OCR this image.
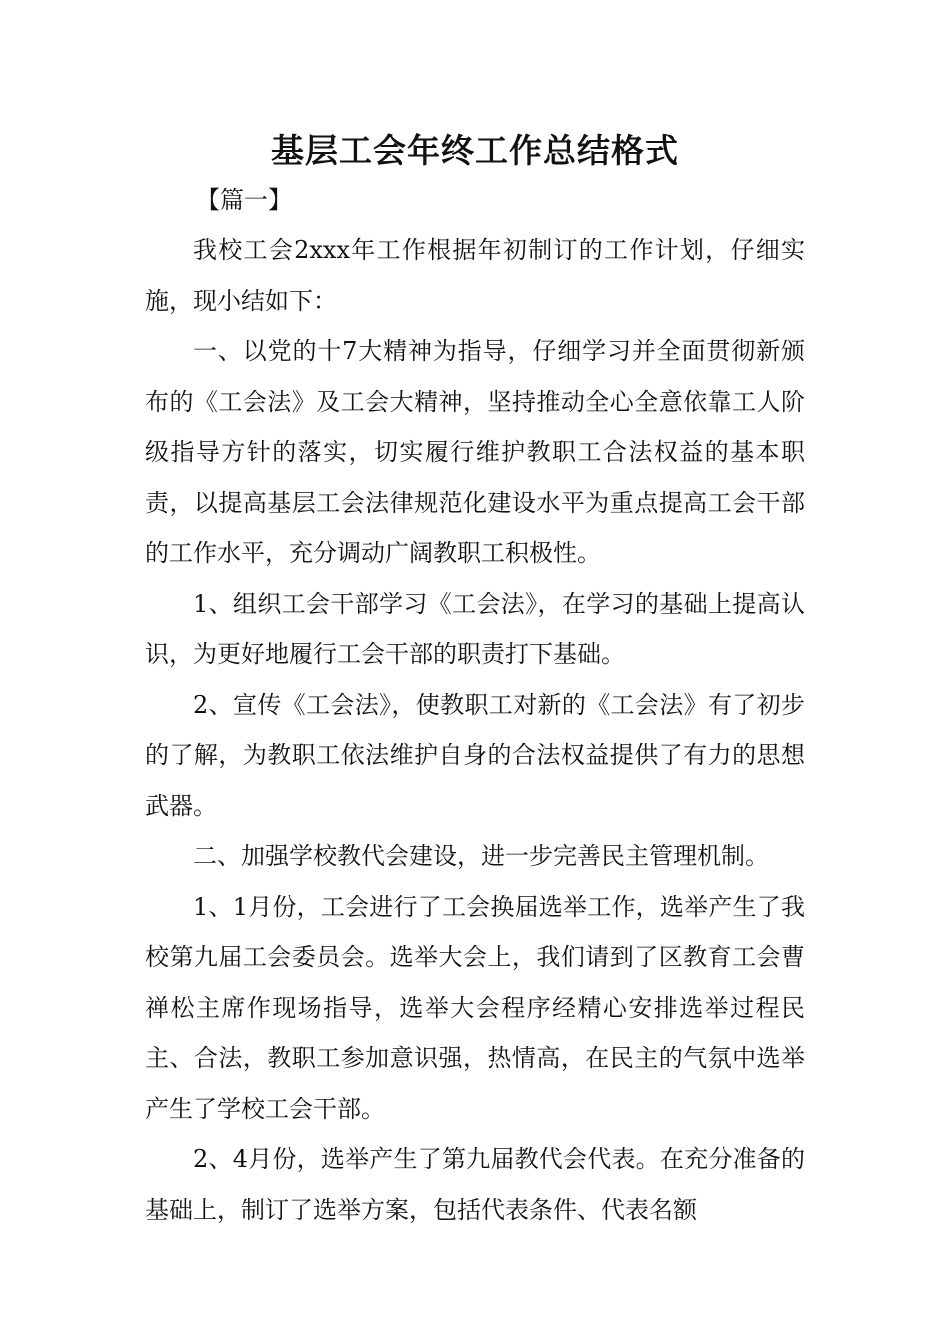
基层工会年终工作总结格式
【篇一】

我校工会2xxx年工作根据年初制订的工作计划，仔细实施，现小结如下：

一、以党的十7大精神为指导，仔细学习并全面贯彻新颁布的《工会法》及工会大精神，坚持推动全心全意依靠工人阶级指导方针的落实，切实履行维护教职工合法权益的基本职责，以提高基层工会法律规范化建设水平为重点提高工会干部的工作水平，充分调动广阔教职工积极性。

1、组织工会干部学习《工会法》，在学习的基础上提高认识，为更好地履行工会干部的职责打下基础。

2、宣传《工会法》，使教职工对新的《工会法》有了初步的了解，为教职工依法维护自身的合法权益提供了有力的思想武器。

二、加强学校教代会建设，进一步完善民主管理机制。

1、1月份，工会进行了工会换届选举工作，选举产生了我校第九届工会委员会。选举大会上，我们请到了区教育工会曹禅松主席作现场指导，选举大会程序经精心安排选举过程民主、合法，教职工参加意识强，热情高，在民主的气氛中选举产生了学校工会干部。

2、4月份，选举产生了第九届教代会代表。在充分准备的基础上，制订了选举方案，包括代表条件、代表名额
